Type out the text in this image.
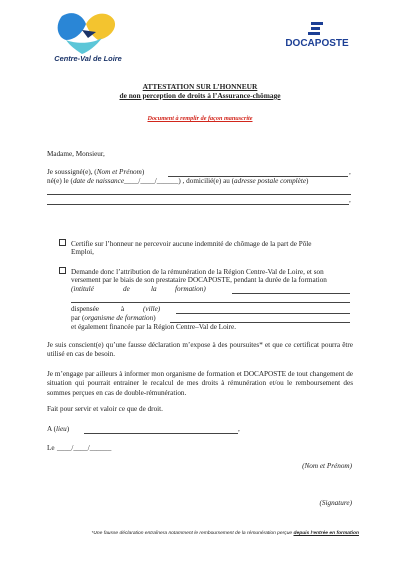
Centre-Val de Loire
DOCAPOSTE
ATTESTATION SUR L’HONNEUR
de non perception de droits à l’Assurance-chômage
Document à remplir de façon manuscrite
Madame, Monsieur,
Je soussigné(e), (Nom et Prénom)	,
né(e) le (date de naissance____/____/______) , domicilié(e) au (adresse postale complète)
,
Certifie sur l’honneur ne percevoir aucune indemnité de chômage de la part de Pôle
Emploi,
Demande donc l’attribution de la rémunération de la Région Centre-Val de Loire, et son
versement par le biais de son prestataire DOCAPOSTE, pendant la durée de la formation
(intitulé	de	la	formation)
dispensée	à	(ville)
par (organisme de formation)
et également financée par la Région Centre–Val de Loire.
Je suis conscient(e) qu’une fausse déclaration m’expose à des poursuites* et que ce certificat pourra être utilisé en cas de besoin.
Je m’engage par ailleurs à informer mon organisme de formation et DOCAPOSTE de tout changement de situation qui pourrait entrainer le recalcul de mes droits à rémunération et/ou le remboursement des sommes perçues en cas de double-rémunération.
Fait pour servir et valoir ce que de droit.
A (lieu)	,
Le ____/____/______
(Nom et Prénom)
(Signature)
*Une fausse déclaration entraînera notamment le remboursement de la rémunération perçue depuis l’entrée en formation
